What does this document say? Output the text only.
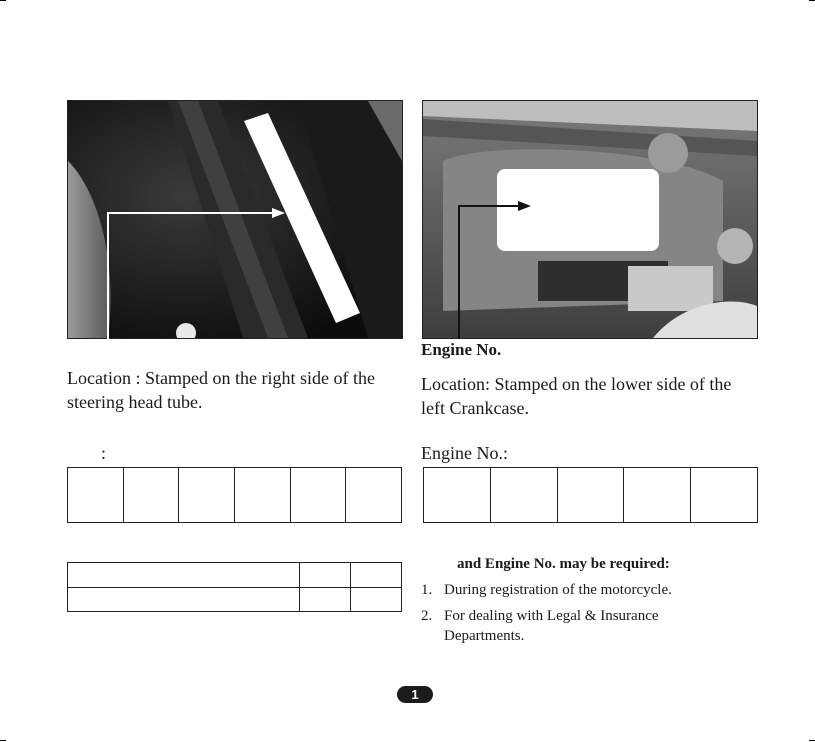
Engine No.
Location : Stamped on the right side of the
steering head tube.
Location: Stamped on the lower side of the
left Crankcase.
:	Engine No.:

and Engine No. may be required:
1. During registration of the motorcycle.
2. For dealing with Legal & Insurance
Departments.
1
